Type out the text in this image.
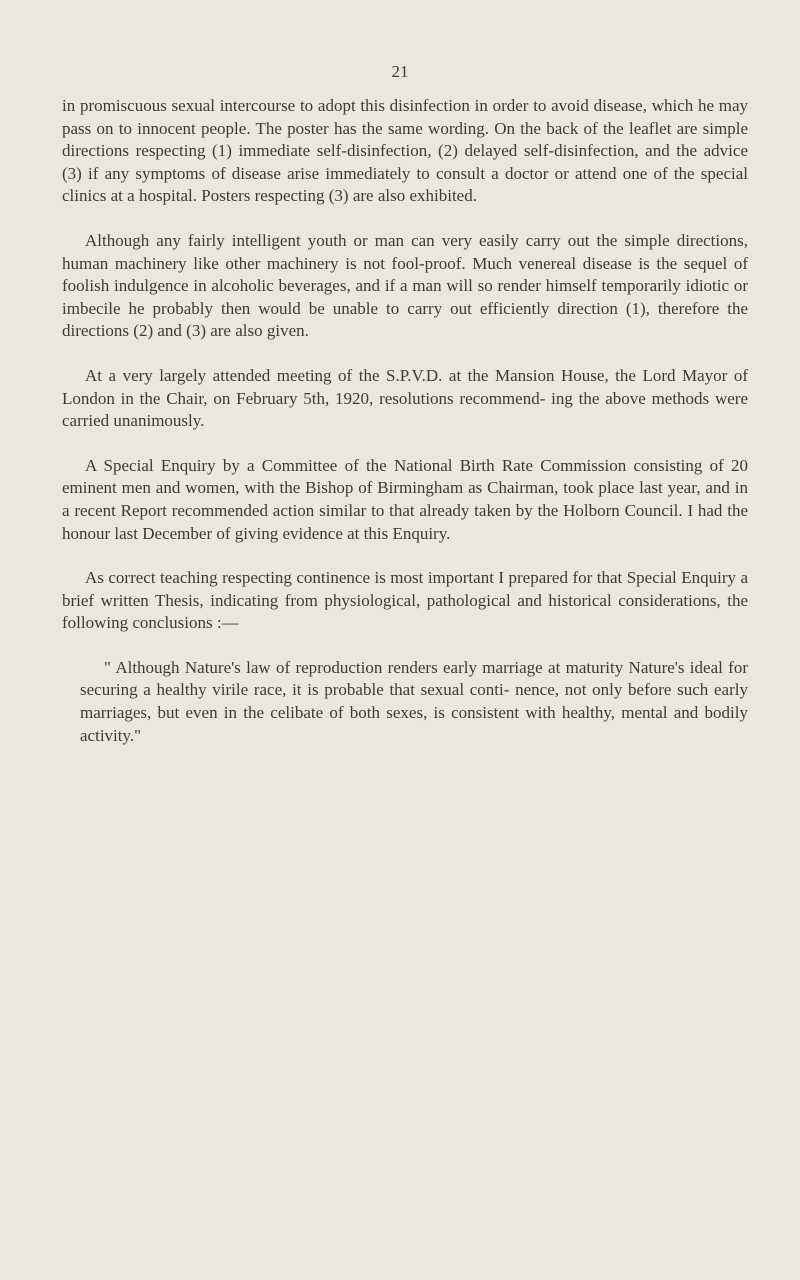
21

in promiscuous sexual intercourse to adopt this disinfection in order to avoid disease, which he may pass on to innocent people. The poster has the same wording. On the back of the leaflet are simple directions respecting (1) immediate self-disinfection, (2) delayed self-disinfection, and the advice (3) if any symptoms of disease arise immediately to consult a doctor or attend one of the special clinics at a hospital. Posters respecting (3) are also exhibited.

Although any fairly intelligent youth or man can very easily carry out the simple directions, human machinery like other machinery is not fool-proof. Much venereal disease is the sequel of foolish indulgence in alcoholic beverages, and if a man will so render himself temporarily idiotic or imbecile he probably then would be unable to carry out efficiently direction (1), therefore the directions (2) and (3) are also given.

At a very largely attended meeting of the S.P.V.D. at the Mansion House, the Lord Mayor of London in the Chair, on February 5th, 1920, resolutions recommend- ing the above methods were carried unanimously.

A Special Enquiry by a Committee of the National Birth Rate Commission consisting of 20 eminent men and women, with the Bishop of Birmingham as Chairman, took place last year, and in a recent Report recommended action similar to that already taken by the Holborn Council. I had the honour last December of giving evidence at this Enquiry.

As correct teaching respecting continence is most important I prepared for that Special Enquiry a brief written Thesis, indicating from physiological, pathological and historical considerations, the following conclusions :—

" Although Nature's law of reproduction renders early marriage at maturity Nature's ideal for securing a healthy virile race, it is probable that sexual conti- nence, not only before such early marriages, but even in the celibate of both sexes, is consistent with healthy, mental and bodily activity."
